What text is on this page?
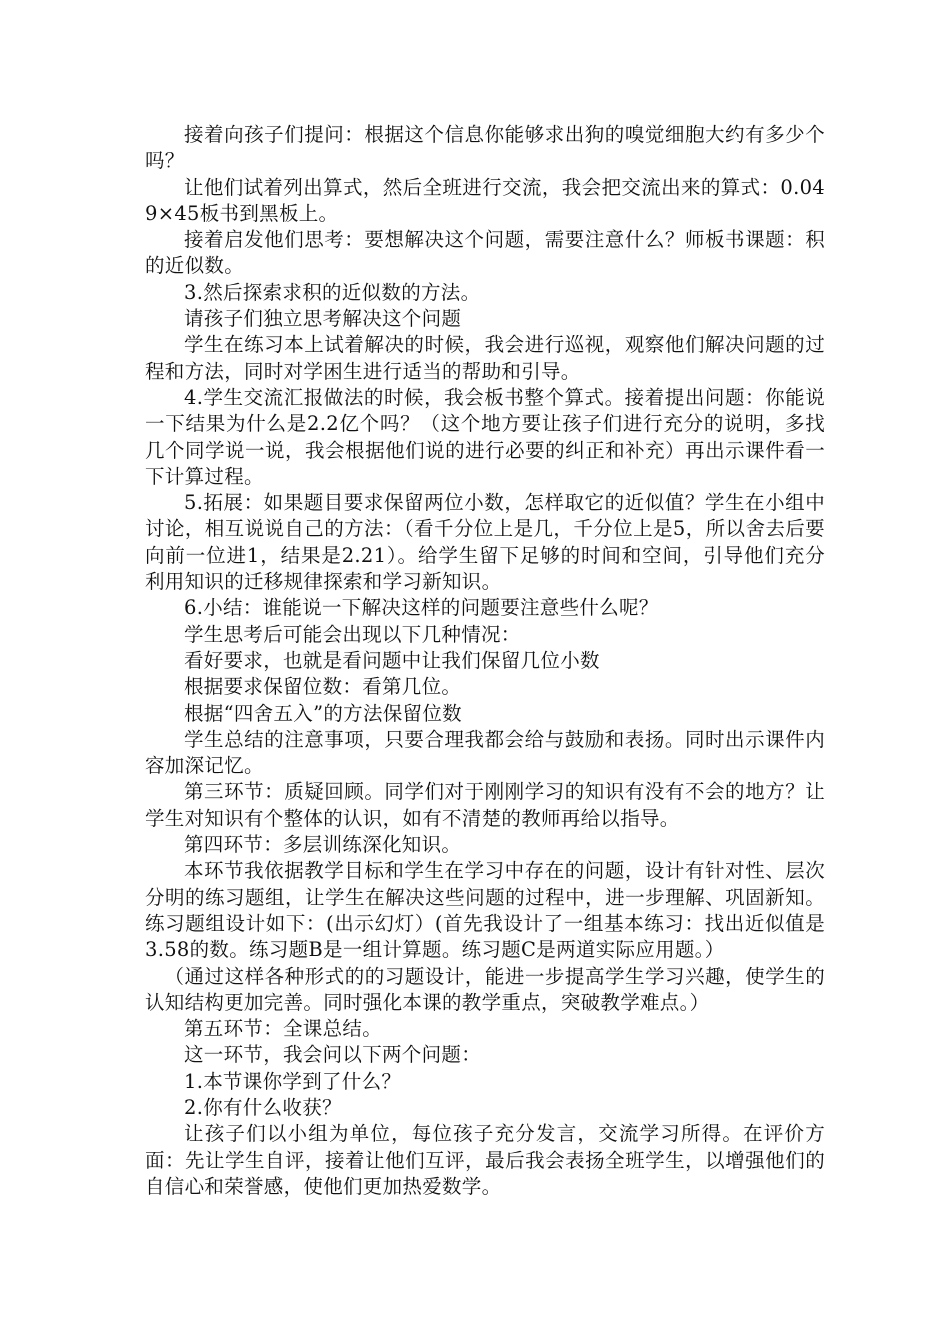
接着向孩子们提问：根据这个信息你能够求出狗的嗅觉细胞大约有多少个吗？

让他们试着列出算式，然后全班进行交流，我会把交流出来的算式：0.049×45板书到黑板上。

接着启发他们思考：要想解决这个问题，需要注意什么？师板书课题：积的近似数。

3.然后探索求积的近似数的方法。

请孩子们独立思考解决这个问题

学生在练习本上试着解决的时候，我会进行巡视，观察他们解决问题的过程和方法，同时对学困生进行适当的帮助和引导。

4.学生交流汇报做法的时候，我会板书整个算式。接着提出问题：你能说一下结果为什么是2.2亿个吗？（这个地方要让孩子们进行充分的说明，多找几个同学说一说，我会根据他们说的进行必要的纠正和补充）再出示课件看一下计算过程。

5.拓展：如果题目要求保留两位小数，怎样取它的近似值？学生在小组中讨论，相互说说自己的方法：（看千分位上是几，千分位上是5，所以舍去后要向前一位进1，结果是2.21）。给学生留下足够的时间和空间，引导他们充分利用知识的迁移规律探索和学习新知识。

6.小结：谁能说一下解决这样的问题要注意些什么呢？

学生思考后可能会出现以下几种情况：

看好要求，也就是看问题中让我们保留几位小数

根据要求保留位数：看第几位。

根据“四舍五入”的方法保留位数

学生总结的注意事项，只要合理我都会给与鼓励和表扬。同时出示课件内容加深记忆。

第三环节：质疑回顾。同学们对于刚刚学习的知识有没有不会的地方？让学生对知识有个整体的认识，如有不清楚的教师再给以指导。

第四环节：多层训练深化知识。

本环节我依据教学目标和学生在学习中存在的问题，设计有针对性、层次分明的练习题组，让学生在解决这些问题的过程中，进一步理解、巩固新知。练习题组设计如下：(出示幻灯）(首先我设计了一组基本练习：找出近似值是3.58的数。练习题B是一组计算题。练习题C是两道实际应用题。）

（通过这样各种形式的的习题设计，能进一步提高学生学习兴趣，使学生的认知结构更加完善。同时强化本课的教学重点，突破教学难点。）

第五环节：全课总结。

这一环节，我会问以下两个问题：

1.本节课你学到了什么？

2.你有什么收获？

让孩子们以小组为单位，每位孩子充分发言，交流学习所得。在评价方面：先让学生自评，接着让他们互评，最后我会表扬全班学生，以增强他们的自信心和荣誉感，使他们更加热爱数学。
